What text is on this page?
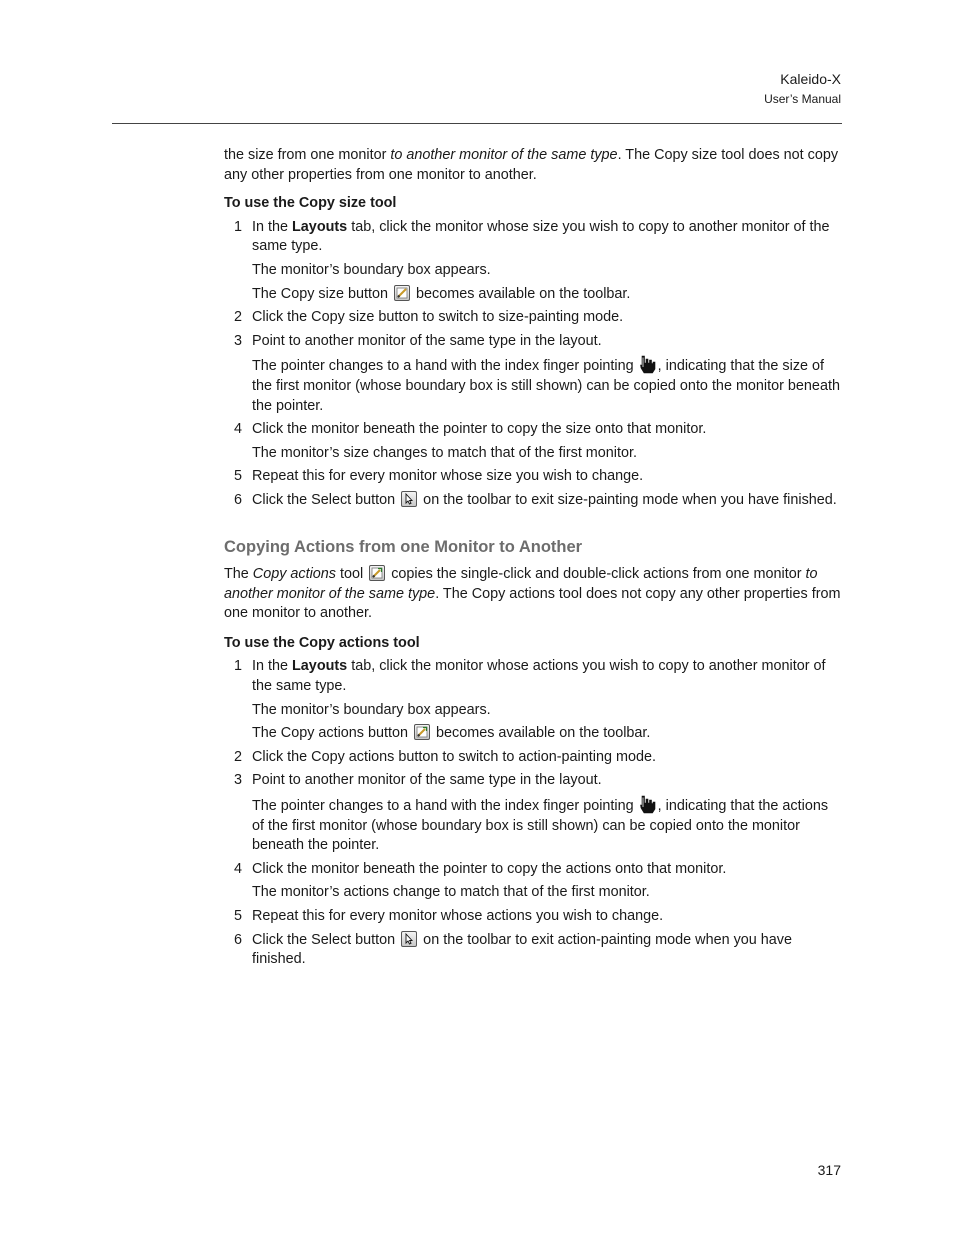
Kaleido-X
User’s Manual

the size from one monitor to another monitor of the same type. The Copy size tool does not copy any other properties from one monitor to another.

To use the Copy size tool

1 In the Layouts tab, click the monitor whose size you wish to copy to another monitor of the same type.

The monitor’s boundary box appears.

The Copy size button
becomes available on the toolbar.

2 Click the Copy size button to switch to size-painting mode.
3 Point to another monitor of the same type in the layout.

The pointer changes to a hand with the index finger pointing , indicating that the size of the first monitor (whose boundary box is still shown) can be copied onto the monitor beneath the pointer.

4 Click the monitor beneath the pointer to copy the size onto that monitor.

The monitor’s size changes to match that of the first monitor.

5 Repeat this for every monitor whose size you wish to change.
6 Click the Select button
on the toolbar to exit size-painting mode when you have finished.

Copying Actions from one Monitor to Another

The Copy actions tool
copies the single-click and double-click actions from one monitor to another monitor of the same type. The Copy actions tool does not copy any other properties from one monitor to another.

To use the Copy actions tool

1 In the Layouts tab, click the monitor whose actions you wish to copy to another monitor of the same type.

The monitor’s boundary box appears.

The Copy actions button
becomes available on the toolbar.

2 Click the Copy actions button to switch to action-painting mode.
3 Point to another monitor of the same type in the layout.

The pointer changes to a hand with the index finger pointing , indicating that the actions of the first monitor (whose boundary box is still shown) can be copied onto the monitor beneath the pointer.

4 Click the monitor beneath the pointer to copy the actions onto that monitor.

The monitor’s actions change to match that of the first monitor.

5 Repeat this for every monitor whose actions you wish to change.
6 Click the Select button
on the toolbar to exit action-painting mode when you have finished.
317
